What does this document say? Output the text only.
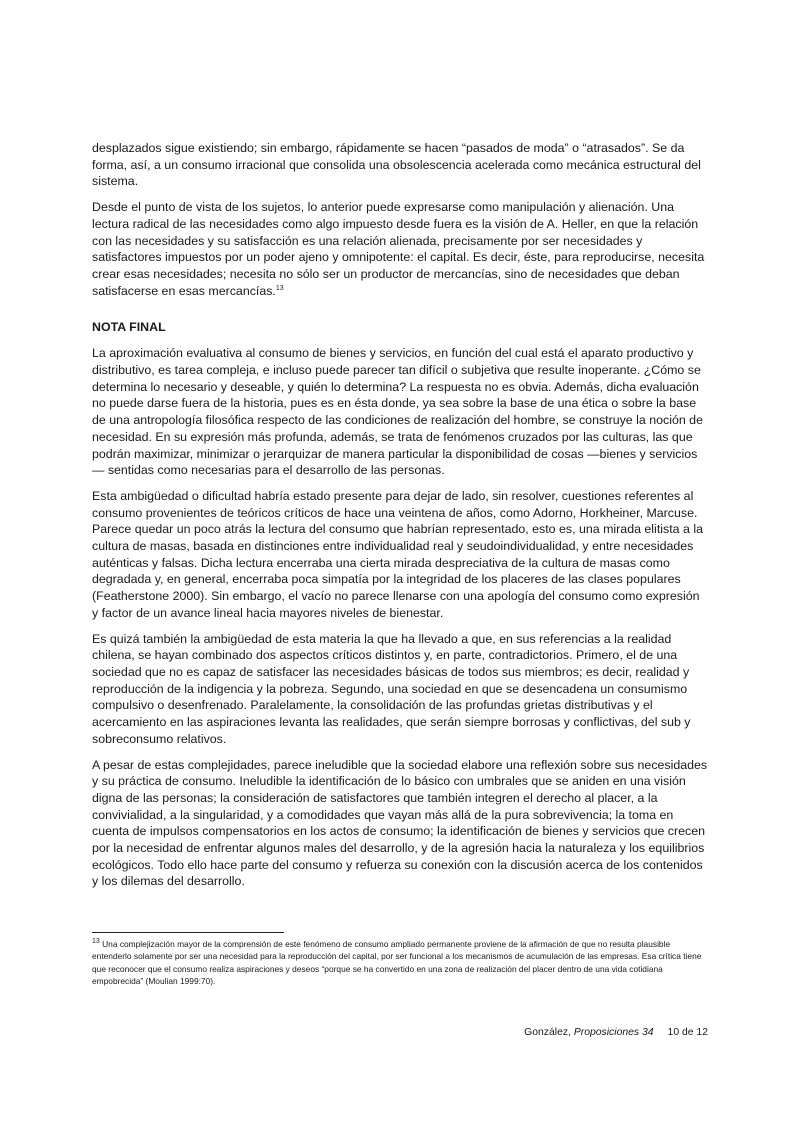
desplazados sigue existiendo; sin embargo, rápidamente se hacen “pasados de moda” o “atrasados”. Se da forma, así, a un consumo irracional que consolida una obsolescencia acelerada como mecánica estructural del sistema.

Desde el punto de vista de los sujetos, lo anterior puede expresarse como manipulación y alienación. Una lectura radical de las necesidades como algo impuesto desde fuera es la visión de A. Heller, en que la relación con las necesidades y su satisfacción es una relación alienada, precisamente por ser necesidades y satisfactores impuestos por un poder ajeno y omnipotente: el capital. Es decir, éste, para reproducirse, necesita crear esas necesidades; necesita no sólo ser un productor de mercancías, sino de necesidades que deban satisfacerse en esas mercancías.$^{13}$

NOTA FINAL

La aproximación evaluativa al consumo de bienes y servicios, en función del cual está el aparato productivo y distributivo, es tarea compleja, e incluso puede parecer tan difícil o subjetiva que resulte inoperante. ¿Cómo se determina lo necesario y deseable, y quién lo determina? La respuesta no es obvia. Además, dicha evaluación no puede darse fuera de la historia, pues es en ésta donde, ya sea sobre la base de una ética o sobre la base de una antropología filosófica respecto de las condiciones de realización del hombre, se construye la noción de necesidad. En su expresión más profunda, además, se trata de fenómenos cruzados por las culturas, las que podrán maximizar, minimizar o jerarquizar de manera particular la disponibilidad de cosas —bienes y servicios— sentidas como necesarias para el desarrollo de las personas.

Esta ambigüedad o dificultad habría estado presente para dejar de lado, sin resolver, cuestiones referentes al consumo provenientes de teóricos críticos de hace una veintena de años, como Adorno, Horkheiner, Marcuse. Parece quedar un poco atrás la lectura del consumo que habrían representado, esto es, una mirada elitista a la cultura de masas, basada en distinciones entre individualidad real y seudoindividualidad, y entre necesidades auténticas y falsas. Dicha lectura encerraba una cierta mirada despreciativa de la cultura de masas como degradada y, en general, encerraba poca simpatía por la integridad de los placeres de las clases populares (Featherstone 2000). Sin embargo, el vacío no parece llenarse con una apología del consumo como expresión y factor de un avance lineal hacia mayores niveles de bienestar.

Es quizá también la ambigüedad de esta materia la que ha llevado a que, en sus referencias a la realidad chilena, se hayan combinado dos aspectos críticos distintos y, en parte, contradictorios. Primero, el de una sociedad que no es capaz de satisfacer las necesidades básicas de todos sus miembros; es decir, realidad y reproducción de la indigencia y la pobreza. Segundo, una sociedad en que se desencadena un consumismo compulsivo o desenfrenado. Paralelamente, la consolidación de las profundas grietas distributivas y el acercamiento en las aspiraciones levanta las realidades, que serán siempre borrosas y conflictivas, del sub y sobreconsumo relativos.

A pesar de estas complejidades, parece ineludible que la sociedad elabore una reflexión sobre sus necesidades y su práctica de consumo. Ineludible la identificación de lo básico con umbrales que se aniden en una visión digna de las personas; la consideración de satisfactores que también integren el derecho al placer, a la convivialidad, a la singularidad, y a comodidades que vayan más allá de la pura sobrevivencia; la toma en cuenta de impulsos compensatorios en los actos de consumo; la identificación de bienes y servicios que crecen por la necesidad de enfrentar algunos males del desarrollo, y de la agresión hacia la naturaleza y los equilibrios ecológicos. Todo ello hace parte del consumo y refuerza su conexión con la discusión acerca de los contenidos y los dilemas del desarrollo.

$^{13}$ Una complejización mayor de la comprensión de este fenómeno de consumo ampliado permanente proviene de la afirmación de que no resulta plausible entenderlo solamente por ser una necesidad para la reproducción del capital, por ser funcional a los mecanismos de acumulación de las empresas. Esa crítica tiene que reconocer que el consumo realiza aspiraciones y deseos “porque se ha convertido en una zona de realización del placer dentro de una vida cotidiana empobrecida” (Moulian 1999:70).

González, Proposiciones 34 10 de 12
